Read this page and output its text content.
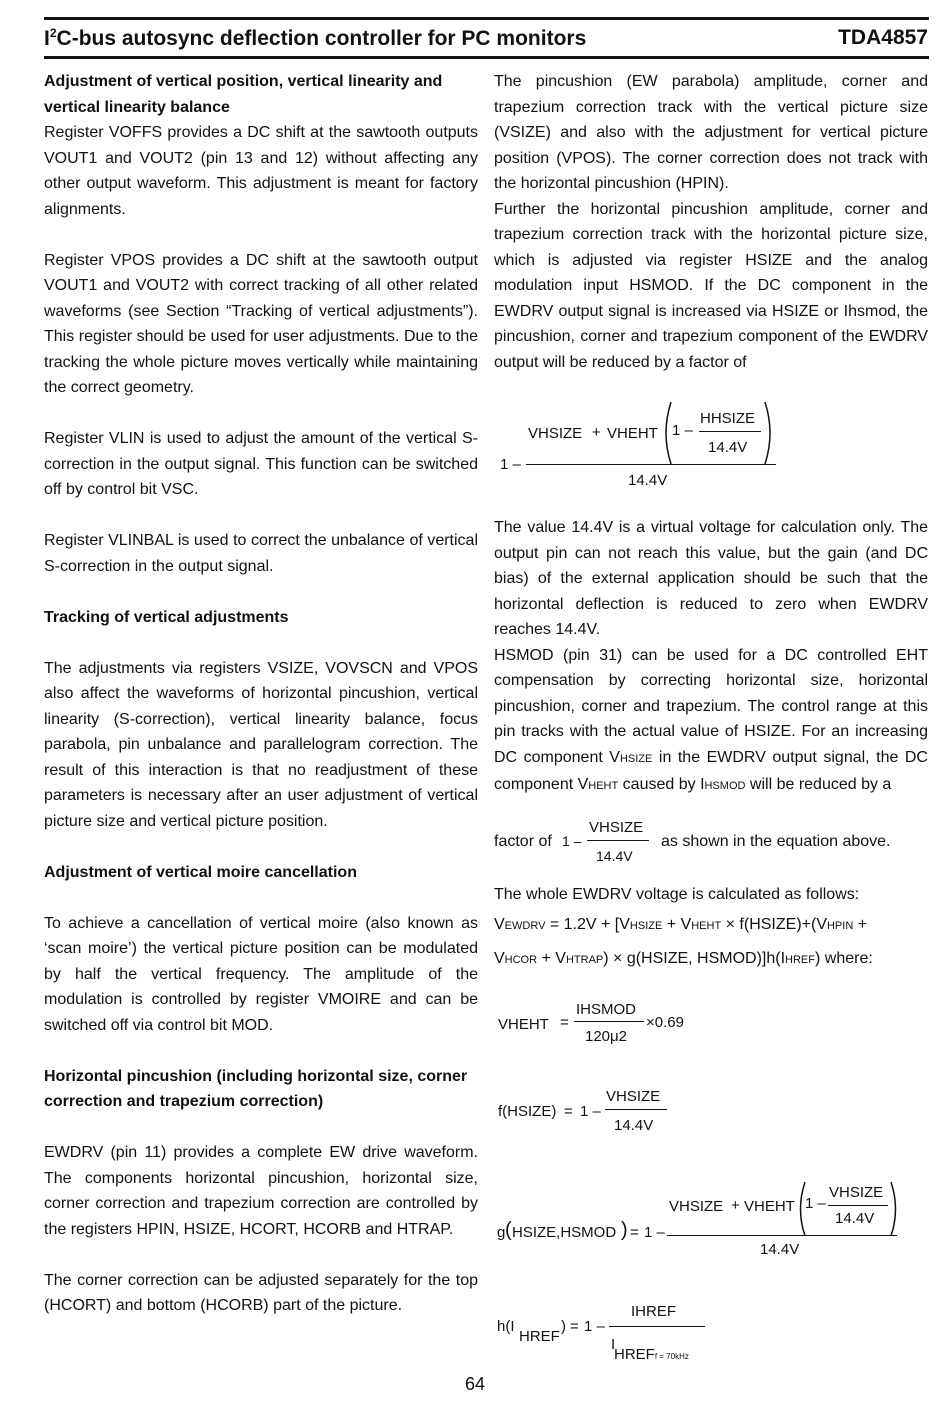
$I^2C$-bus autosync deflection controller for PC monitors	TDA4857
Adjustment of vertical position, vertical linearity and vertical linearity balance

Register VOFFS provides a DC shift at the sawtooth outputs VOUT1 and VOUT2 (pin 13 and 12) without affecting any other output waveform. This adjustment is meant for factory alignments.

Register VPOS provides a DC shift at the sawtooth output VOUT1 and VOUT2 with correct tracking of all other related waveforms (see Section “Tracking of vertical adjustments”). This register should be used for user adjustments. Due to the tracking the whole picture moves vertically while maintaining the correct geometry.

Register VLIN is used to adjust the amount of the vertical S-correction in the output signal. This function can be switched off by control bit VSC.

Register VLINBAL is used to correct the unbalance of vertical S-correction in the output signal.

Tracking of vertical adjustments

The adjustments via registers VSIZE, VOVSCN and VPOS also affect the waveforms of horizontal pincushion, vertical linearity (S-correction), vertical linearity balance, focus parabola, pin unbalance and parallelogram correction. The result of this interaction is that no readjustment of these parameters is necessary after an user adjustment of vertical picture size and vertical picture position.

Adjustment of vertical moire cancellation

To achieve a cancellation of vertical moire (also known as ‘scan moire’) the vertical picture position can be modulated by half the vertical frequency. The amplitude of the modulation is controlled by register VMOIRE and can be switched off via control bit MOD.

Horizontal pincushion (including horizontal size, corner correction and trapezium correction)

EWDRV (pin 11) provides a complete EW drive waveform. The components horizontal pincushion, horizontal size, corner correction and trapezium correction are controlled by the registers HPIN, HSIZE, HCORT, HCORB and HTRAP.

The corner correction can be adjusted separately for the top (HCORT) and bottom (HCORB) part of the picture.

The pincushion (EW parabola) amplitude, corner and trapezium correction track with the vertical picture size (VSIZE) and also with the adjustment for vertical picture position (VPOS). The corner correction does not track with the horizontal pincushion (HPIN).

Further the horizontal pincushion amplitude, corner and trapezium correction track with the horizontal picture size, which is adjusted via register HSIZE and the analog modulation input HSMOD. If the DC component in the EWDRV output signal is increased via HSIZE or Ihsmod, the pincushion, corner and trapezium component of the EWDRV output will be reduced by a factor of

VHSIZE + VHEHT 1 –
HHSIZE
14.4V
1 –
14.4V

The value 14.4V is a virtual voltage for calculation only. The output pin can not reach this value, but the gain (and DC bias) of the external application should be such that the horizontal deflection is reduced to zero when EWDRV reaches 14.4V.

HSMOD (pin 31) can be used for a DC controlled EHT compensation by correcting horizontal size, horizontal pincushion, corner and trapezium. The control range at this pin tracks with the actual value of HSIZE. For an increasing DC component VHSIZE in the EWDRV output signal, the DC component VHEHT caused by IHSMOD will be reduced by a

factor of 1 –
VHSIZE
14.4V
as shown in the equation above.

The whole EWDRV voltage is calculated as follows:

VEWDRV = 1.2V + [VHSIZE + VHEHT × f(HSIZE)+(VHPIN +
VHCOR + VHTRAP) × g(HSIZE, HSMOD)]h(IHREF) where:
VHEHT =
IHSMOD
120μ2
×0.69
f(HSIZE) = 1 –
VHSIZE
14.4V
g ( HSIZE,HSMOD ) = 1 –
VHSIZE + VHEHT 1 –
VHSIZE
14.4V
14.4V
h(I
HREF
) = 1 –
IHREF
I
HREFf = 70kHz
64
